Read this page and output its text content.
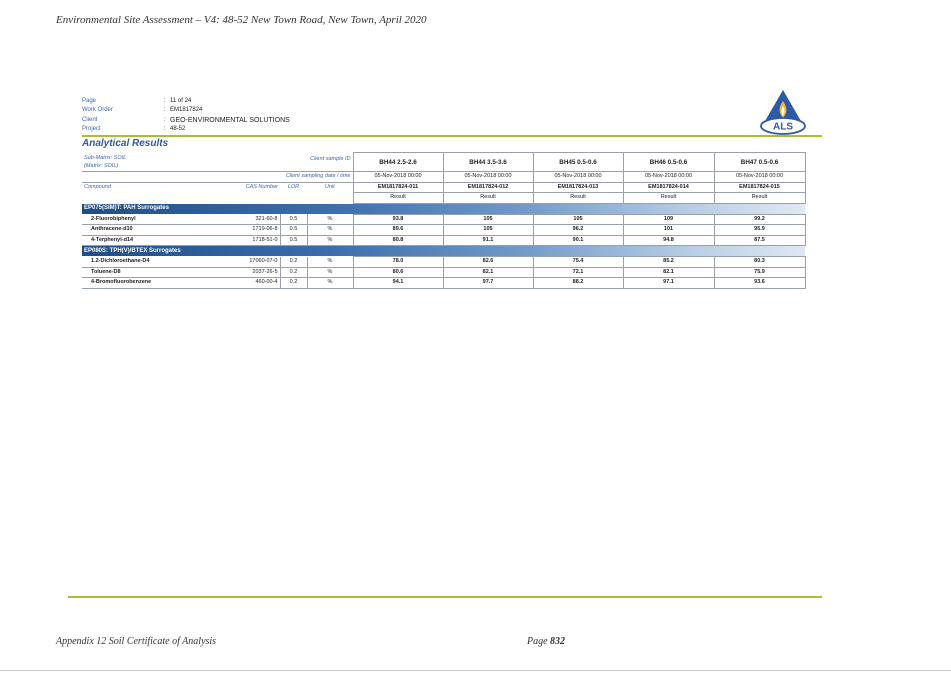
Environmental Site Assessment – V4: 48-52 New Town Road, New Town, April 2020
Page	: 11 of 24
Work Order	: EM1817824
Client	: GEO-ENVIRONMENTAL SOLUTIONS
Project	: 48-52	ALS
Analytical Results
Sub-Matrix: SOIL
(Matrix: SOIL)			Client sample ID	BH44 2.5-2.6	BH44 3.5-3.6	BH45 0.5-0.6	BH46 0.5-0.6	BH47 0.5-0.6
	Client sampling date / time			05-Nov-2018 00:00	05-Nov-2018 00:00	05-Nov-2018 00:00	05-Nov-2018 00:00	05-Nov-2018 00:00
Compound	CAS Number	LOR	Unit	EM1817824-011	EM1817824-012	EM1817824-013	EM1817824-014	EM1817824-015
				Result	Result	Result	Result	Result
EP075(SIM)T: PAH Surrogates								
2-Fluorobiphenyl	321-60-8	0.5	%	93.8	105	105	109	99.2
Anthracene-d10	1719-06-8	0.5	%	89.6	105	96.2	101	95.9
4-Terphenyl-d14	1718-51-0	0.5	%	80.8	91.1	90.1	94.8	87.5
EP080S: TPH(V)/BTEX Surrogates								
1.2-Dichloroethane-D4	17060-07-0	0.2	%	78.0	82.6	75.4	85.2	80.3
Toluene-D8	2037-26-5	0.2	%	80.6	82.1	72.1	82.1	75.9
4-Bromofluorobenzene	460-00-4	0.2	%	94.1	97.7	88.2	97.1	93.6
Appendix 12 Soil Certificate of Analysis	Page 832
